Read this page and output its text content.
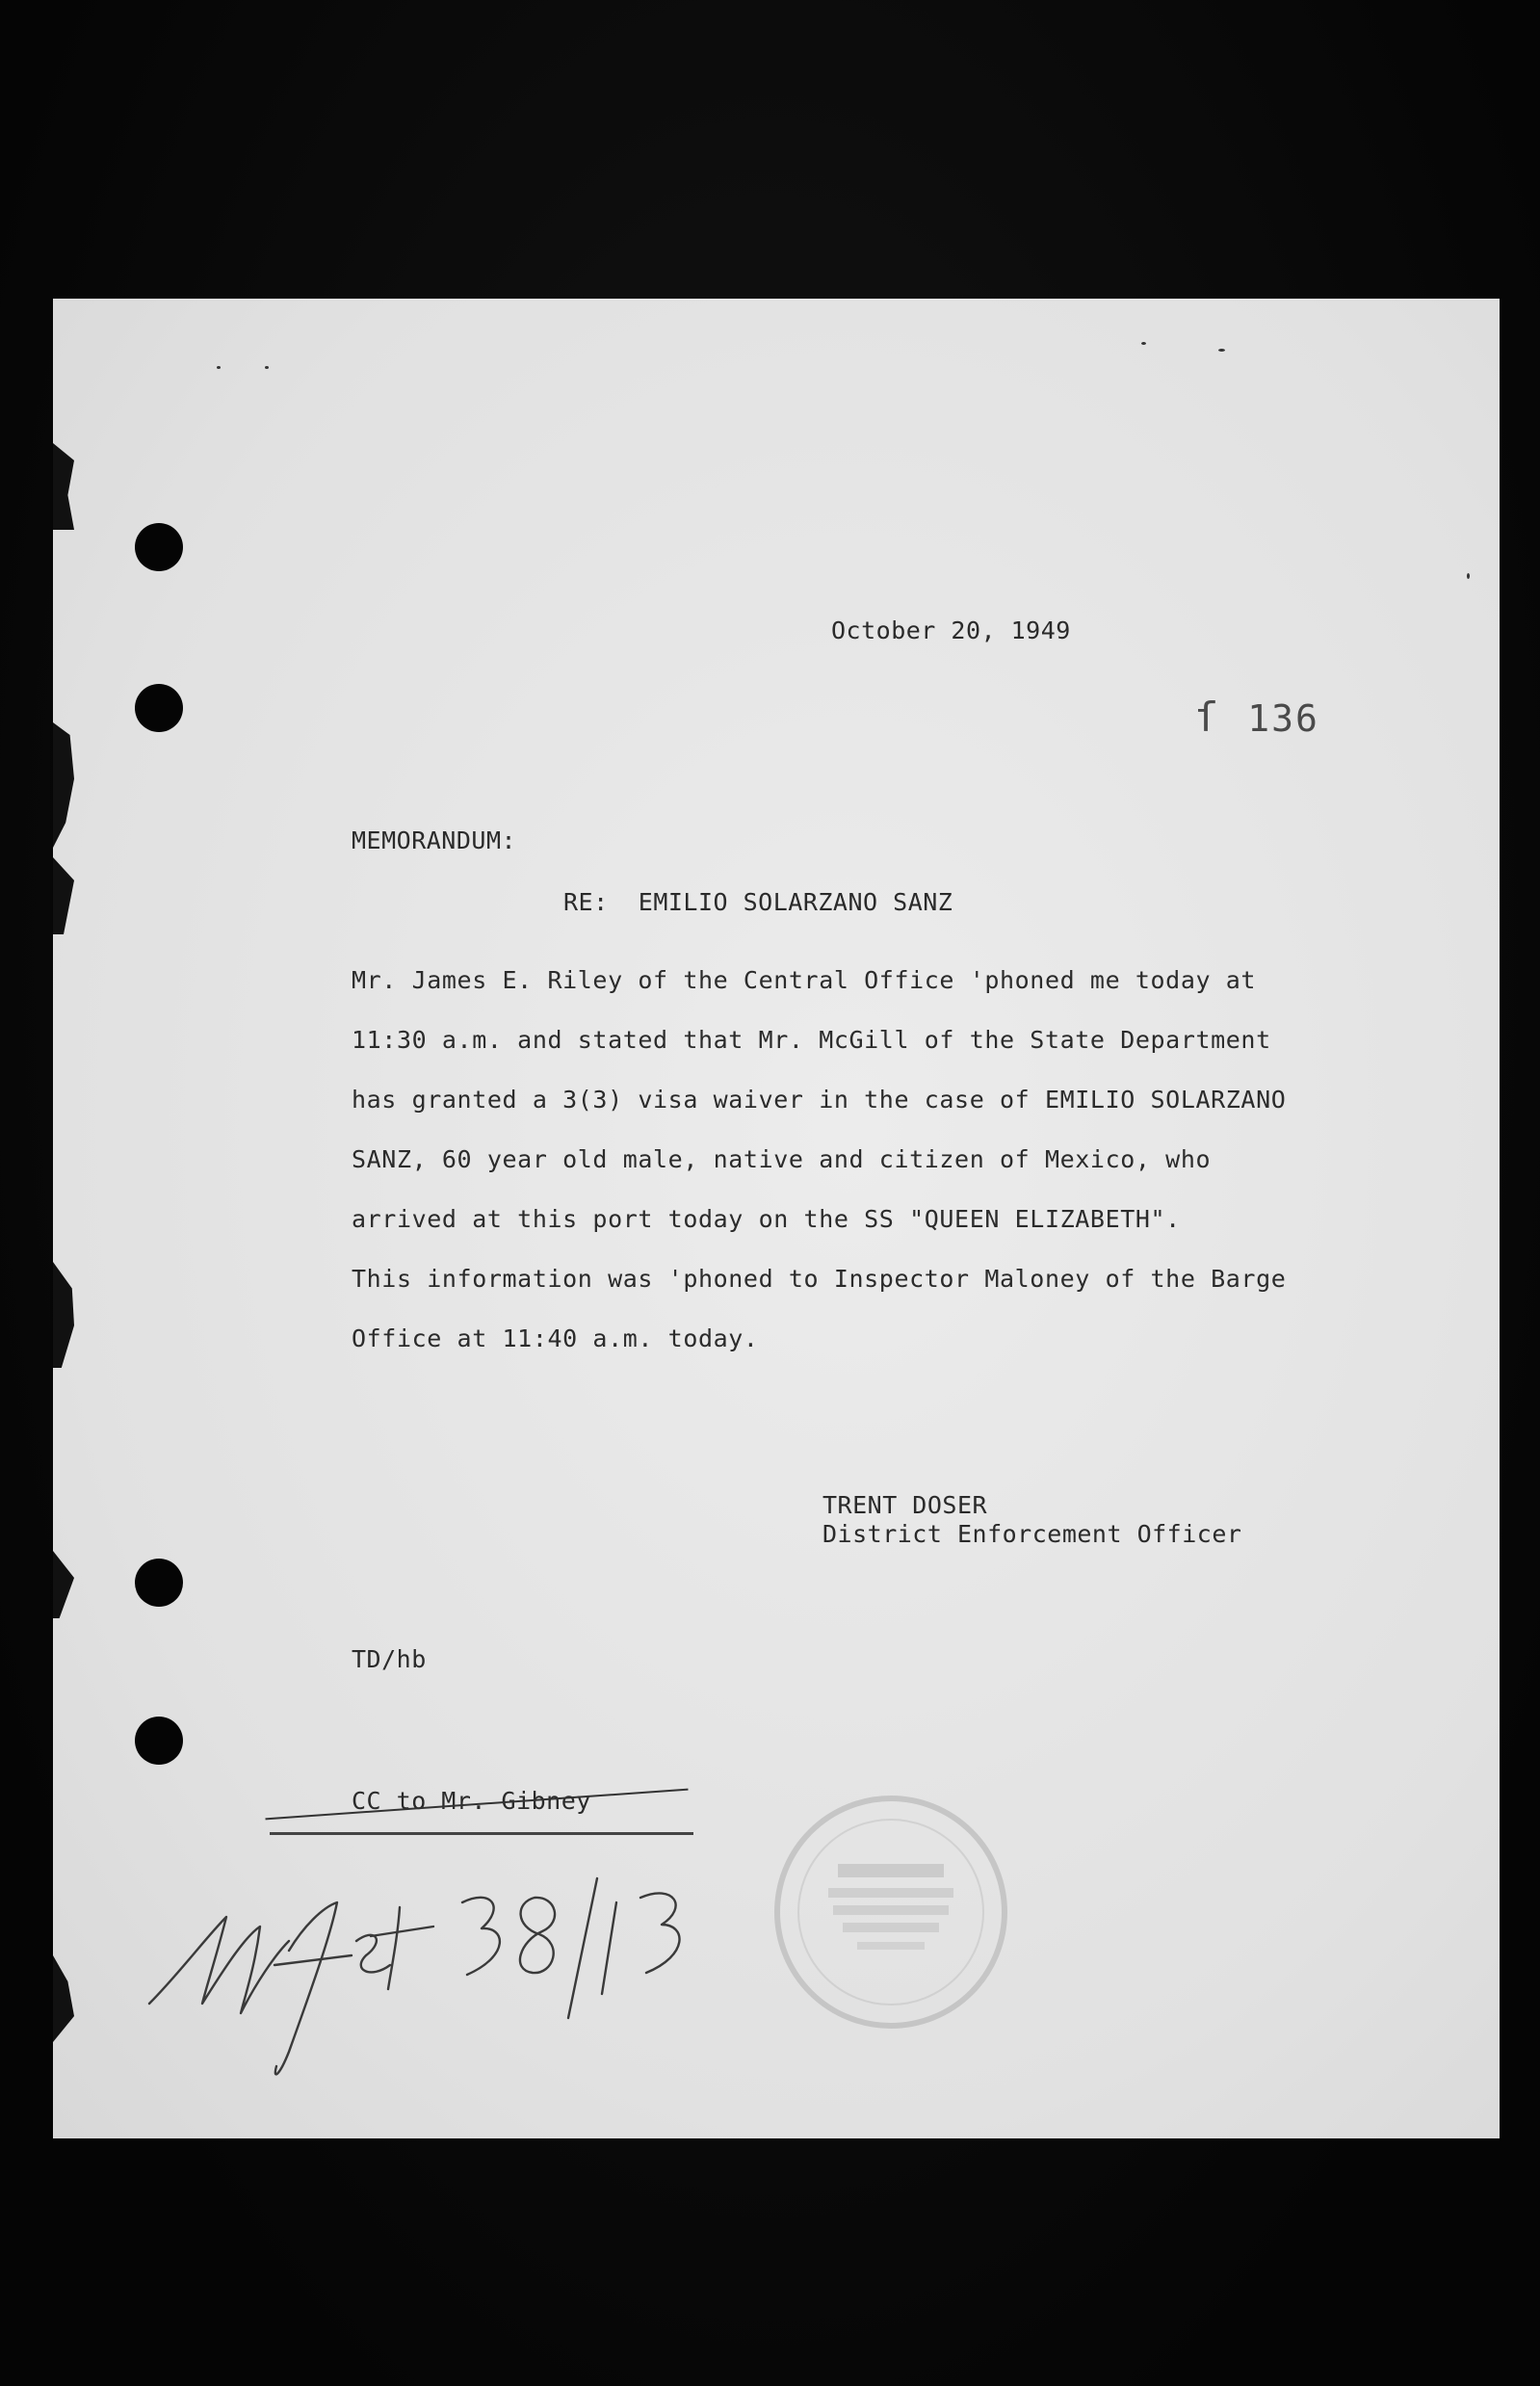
October 20, 1949
ſ 136
MEMORANDUM:
RE: EMILIO SOLARZANO SANZ
Mr. James E. Riley of the Central Office 'phoned me today at
11:30 a.m. and stated that Mr. McGill of the State Department
has granted a 3(3) visa waiver in the case of EMILIO SOLARZANO
SANZ, 60 year old male, native and citizen of Mexico, who
arrived at this port today on the SS "QUEEN ELIZABETH".
This information was 'phoned to Inspector Maloney of the Barge
Office at 11:40 a.m. today.
TRENT DOSER
District Enforcement Officer
TD/hb
CC to Mr. Gibney
